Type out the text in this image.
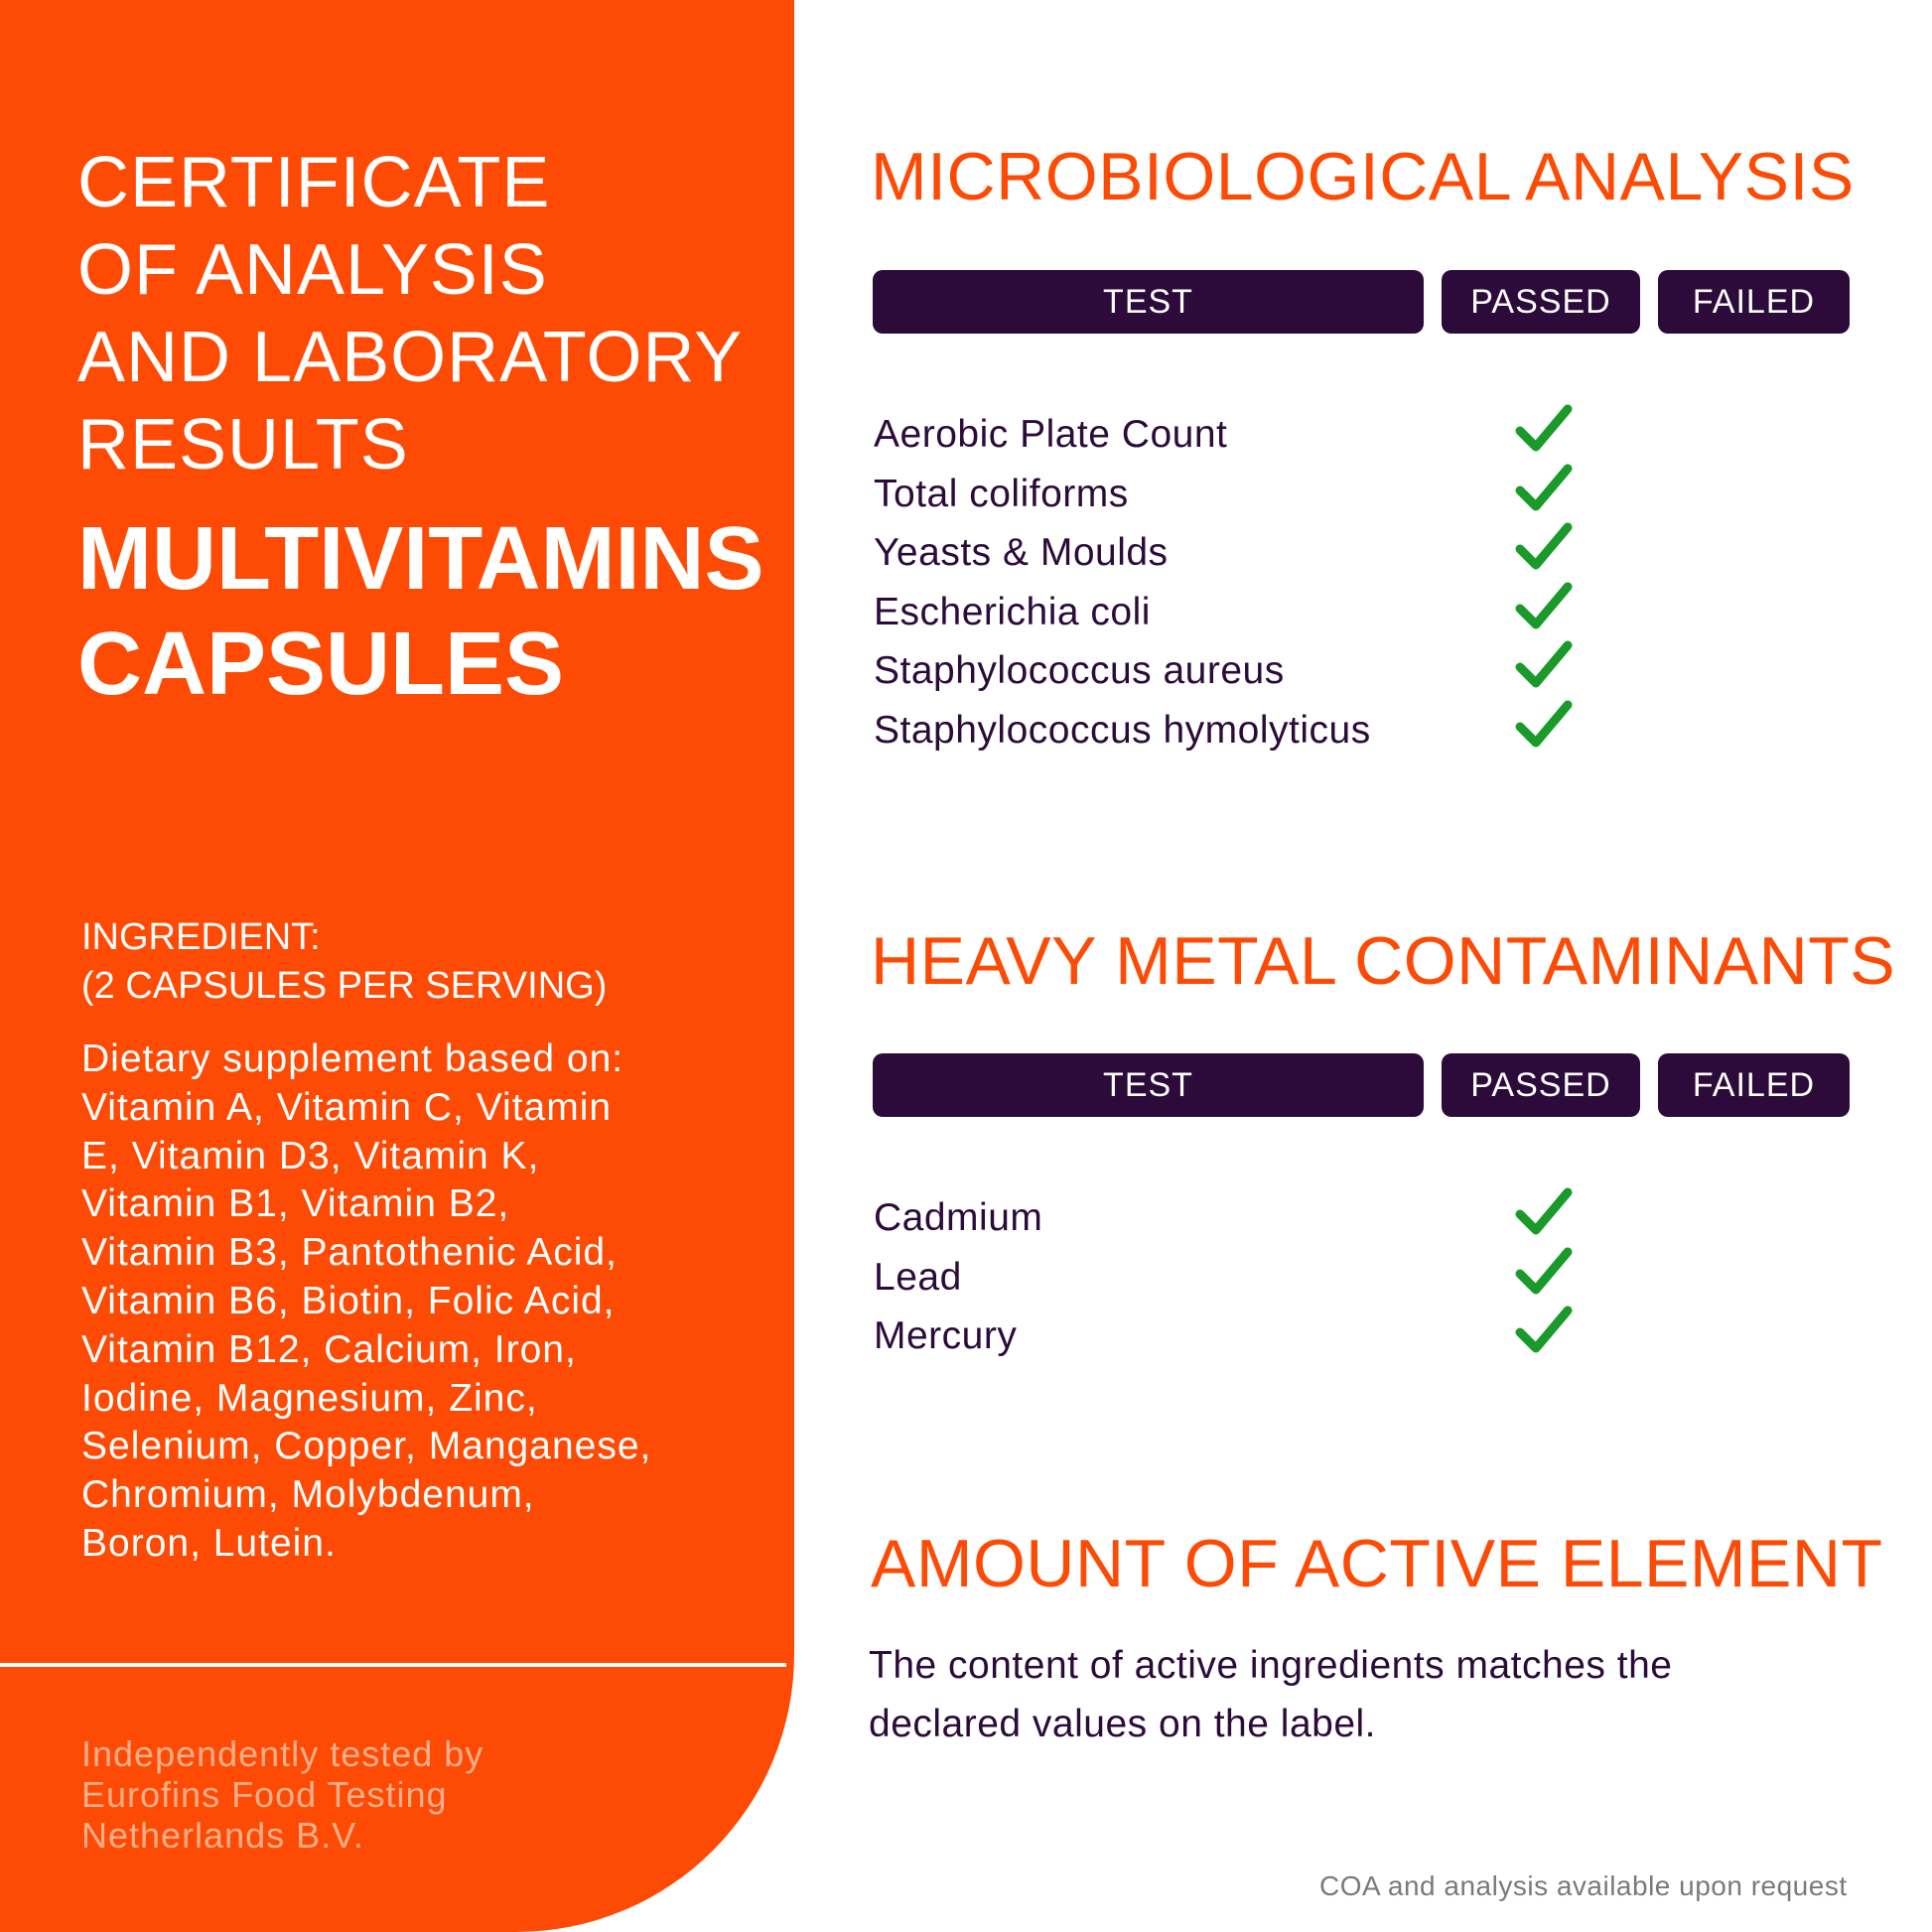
CERTIFICATE
OF ANALYSIS
AND LABORATORY
RESULTS
MULTIVITAMINS
CAPSULES
INGREDIENT:
(2 CAPSULES PER SERVING)
Dietary supplement based on:
Vitamin A, Vitamin C, Vitamin
E, Vitamin D3, Vitamin K,
Vitamin B1, Vitamin B2,
Vitamin B3, Pantothenic Acid,
Vitamin B6, Biotin, Folic Acid,
Vitamin B12, Calcium, Iron,
Iodine, Magnesium, Zinc,
Selenium, Copper, Manganese,
Chromium, Molybdenum,
Boron, Lutein.
Independently tested by
Eurofins Food Testing
Netherlands B.V.
MICROBIOLOGICAL ANALYSIS
TEST	PASSED	FAILED
Aerobic Plate Count
Total coliforms
Yeasts & Moulds
Escherichia coli
Staphylococcus aureus
Staphylococcus hymolyticus
HEAVY METAL CONTAMINANTS
TEST	PASSED	FAILED
Cadmium
Lead
Mercury
AMOUNT OF ACTIVE ELEMENT
The content of active ingredients matches the
declared values on the label.
COA and analysis available upon request
